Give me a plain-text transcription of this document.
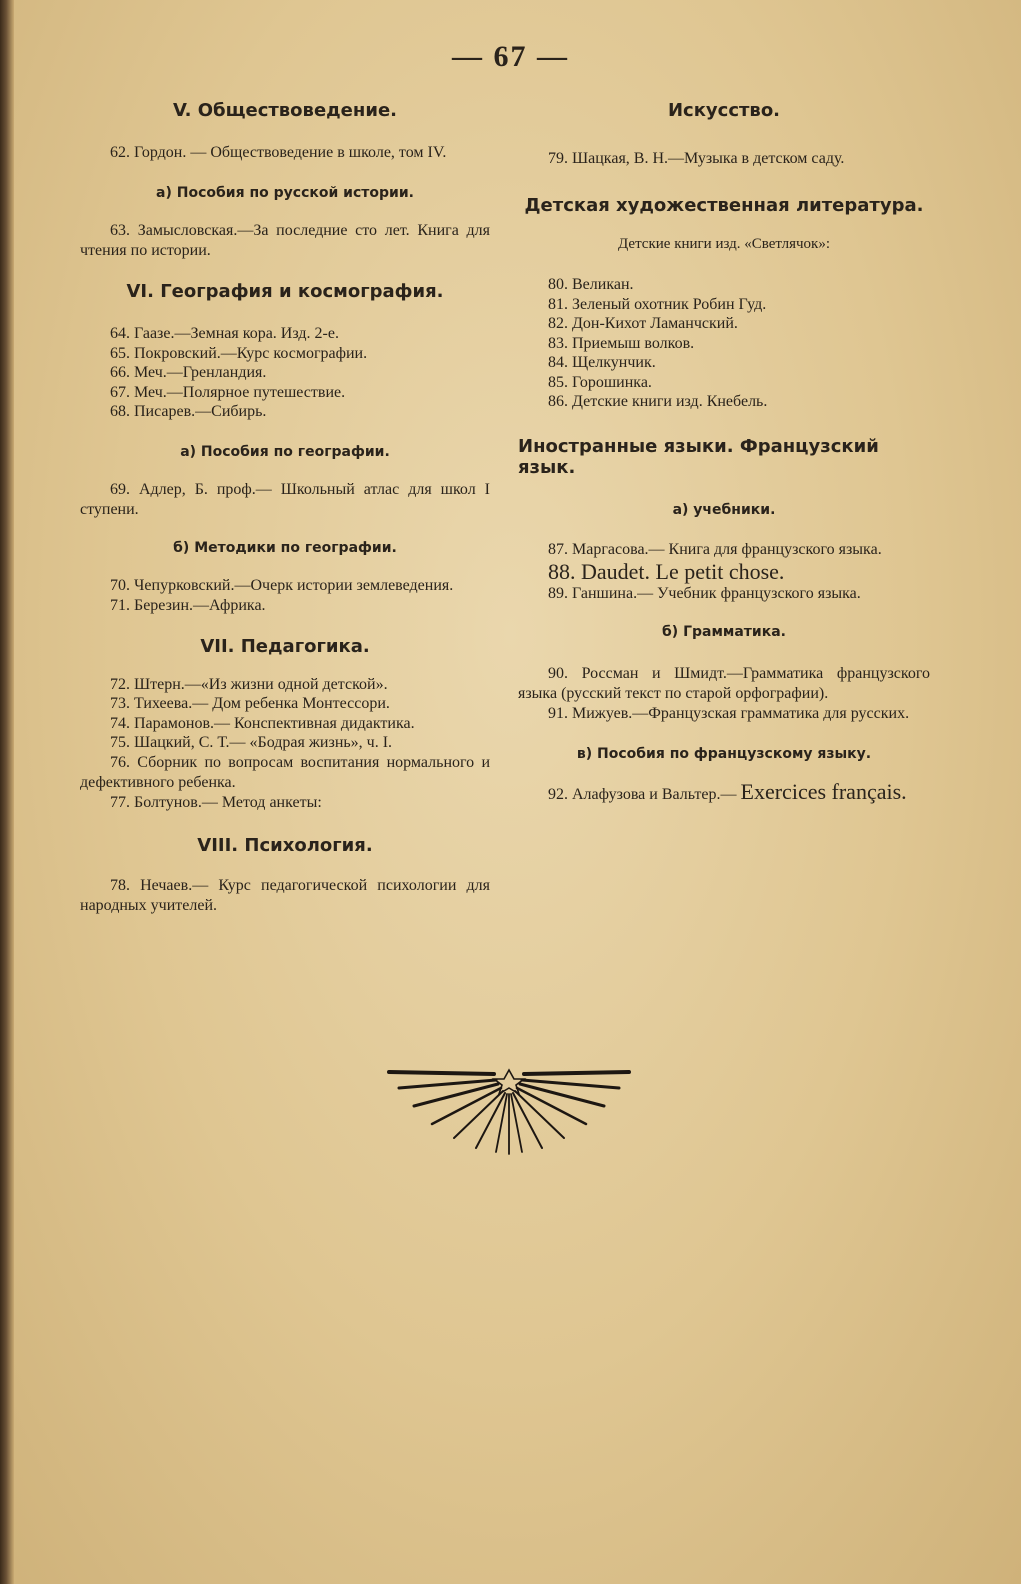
— 67 —

V. Обществоведение.

62. Гордон. — Обществоведение в школе, том IV.

а) Пособия по русской истории.

63. Замысловская.—За последние сто лет. Книга для чтения по истории.

VI. География и космография.

64. Гаазе.—Земная кора. Изд. 2-е.
65. Покровский.—Курс космографии.
66. Меч.—Гренландия.
67. Меч.—Полярное путешествие.
68. Писарев.—Сибирь.

а) Пособия по географии.

69. Адлер, Б. проф.— Школьный атлас для школ I ступени.

б) Методики по географии.

70. Чепурковский.—Очерк истории землеведения.

71. Березин.—Африка.

VII. Педагогика.

72. Штерн.—«Из жизни одной детской».
73. Тихеева.— Дом ребенка Монтессори.
74. Парамонов.— Конспективная дидактика.
75. Шацкий, С. Т.— «Бодрая жизнь», ч. I.

76. Сборник по вопросам воспитания нормального и дефективного ребенка.

77. Болтунов.— Метод анкеты:

VIII. Психология.

78. Нечаев.— Курс педагогической психологии для народных учителей.

Искусство.

79. Шацкая, В. Н.—Музыка в детском саду.

Детская художественная литература.

Детские книги изд. «Светлячок»:

80. Великан.
81. Зеленый охотник Робин Гуд.
82. Дон-Кихот Ламанчский.
83. Приемыш волков.
84. Щелкунчик.
85. Горошинка.
86. Детские книги изд. Кнебель.

Иностранные языки. Французский язык.

а) учебники.

87. Маргасова.— Книга для французского языка.

88. Daudet. Le petit chose.

89. Ганшина.— Учебник французского языка.

б) Грамматика.

90. Россман и Шмидт.—Грамматика французского языка (русский текст по старой орфографии).

91. Мижуев.—Французская грамматика для русских.

в) Пособия по французскому языку.

92. Алафузова и Вальтер.— Exercices français.
